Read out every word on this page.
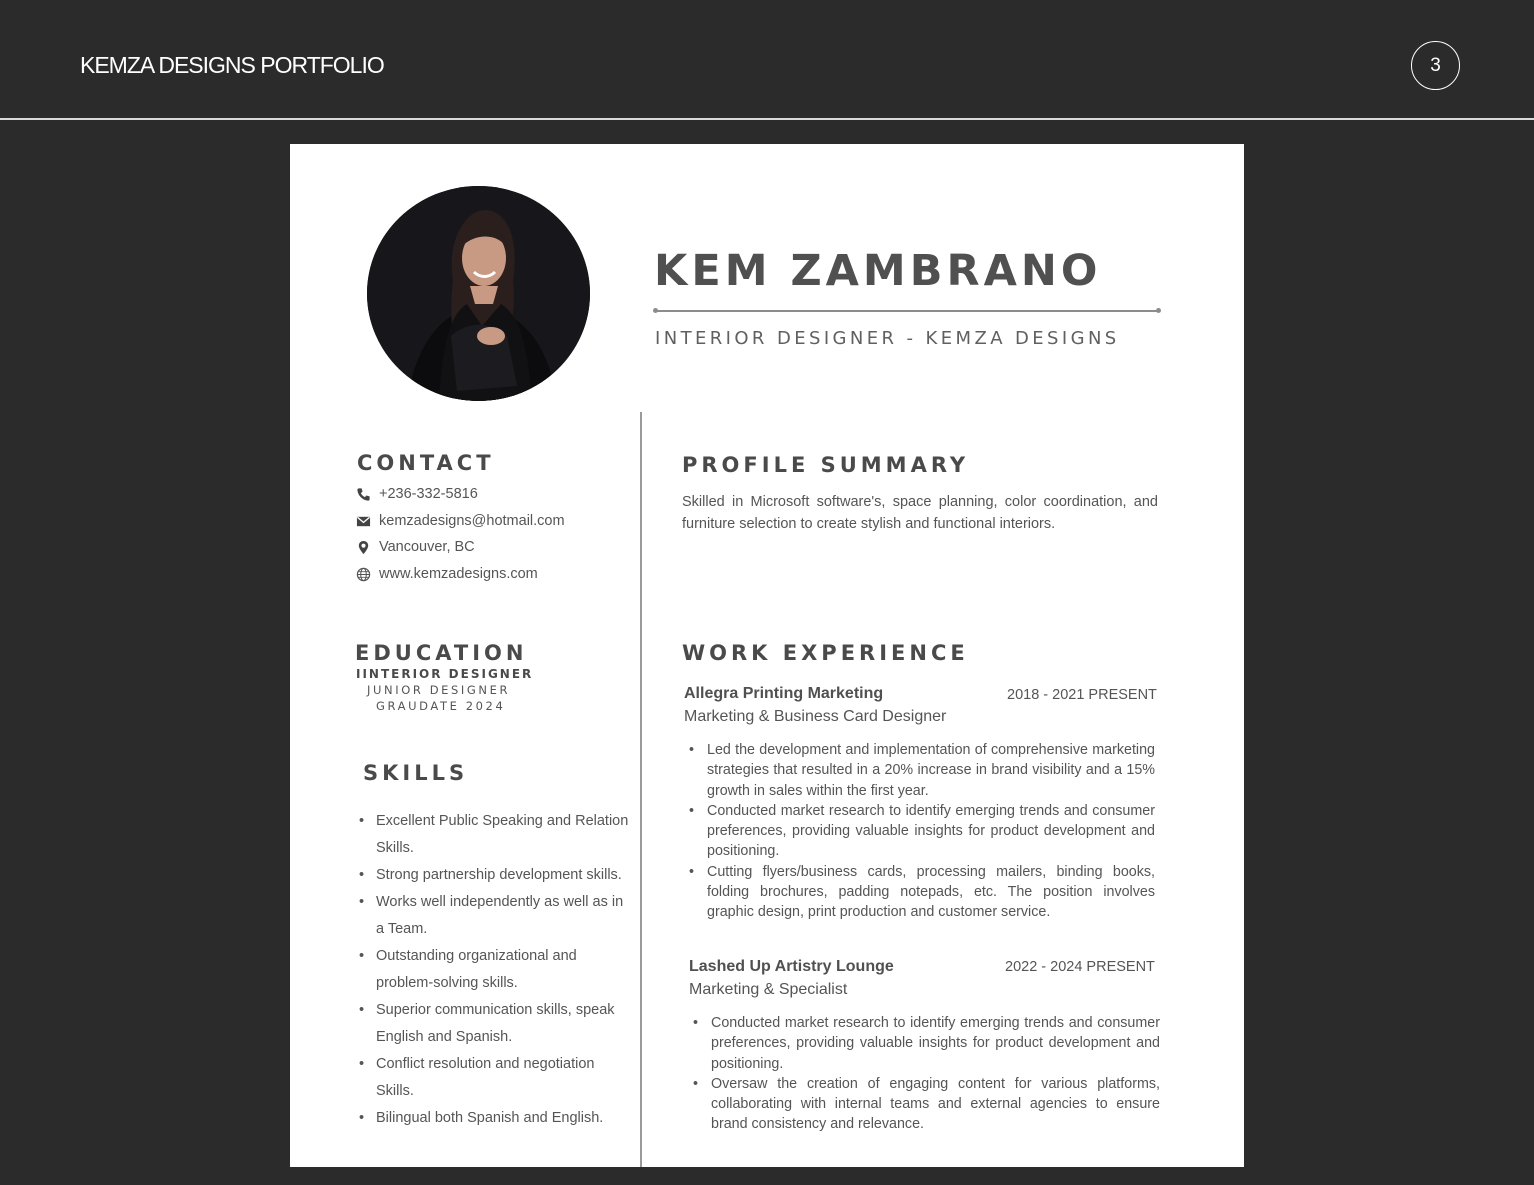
KEMZA DESIGNS PORTFOLIO	3
KEM ZAMBRANO
INTERIOR DESIGNER - KEMZA DESIGNS
CONTACT
+236-332-5816
kemzadesigns@hotmail.com
Vancouver, BC
www.kemzadesigns.com
EDUCATION
IINTERIOR DESIGNER
JUNIOR DESIGNER
GRAUDATE 2024
SKILLS
• Excellent Public Speaking and Relation Skills.
• Strong partnership development skills.
• Works well independently as well as in a Team.
• Outstanding organizational and problem-solving skills.
• Superior communication skills, speak English and Spanish.
• Conflict resolution and negotiation Skills.
• Bilingual both Spanish and English.
PROFILE SUMMARY
Skilled in Microsoft software's, space planning, color coordination, and furniture selection to create stylish and functional interiors.
WORK EXPERIENCE
Allegra Printing Marketing	2018 - 2021 PRESENT
Marketing & Business Card Designer
• Led the development and implementation of comprehensive marketing strategies that resulted in a 20% increase in brand visibility and a 15% growth in sales within the first year.
• Conducted market research to identify emerging trends and consumer preferences, providing valuable insights for product development and positioning.
• Cutting flyers/business cards, processing mailers, binding books, folding brochures, padding notepads, etc. The position involves graphic design, print production and customer service.
Lashed Up Artistry Lounge	2022 - 2024 PRESENT
Marketing & Specialist
• Conducted market research to identify emerging trends and consumer preferences, providing valuable insights for product development and positioning.
• Oversaw the creation of engaging content for various platforms, collaborating with internal teams and external agencies to ensure brand consistency and relevance.
